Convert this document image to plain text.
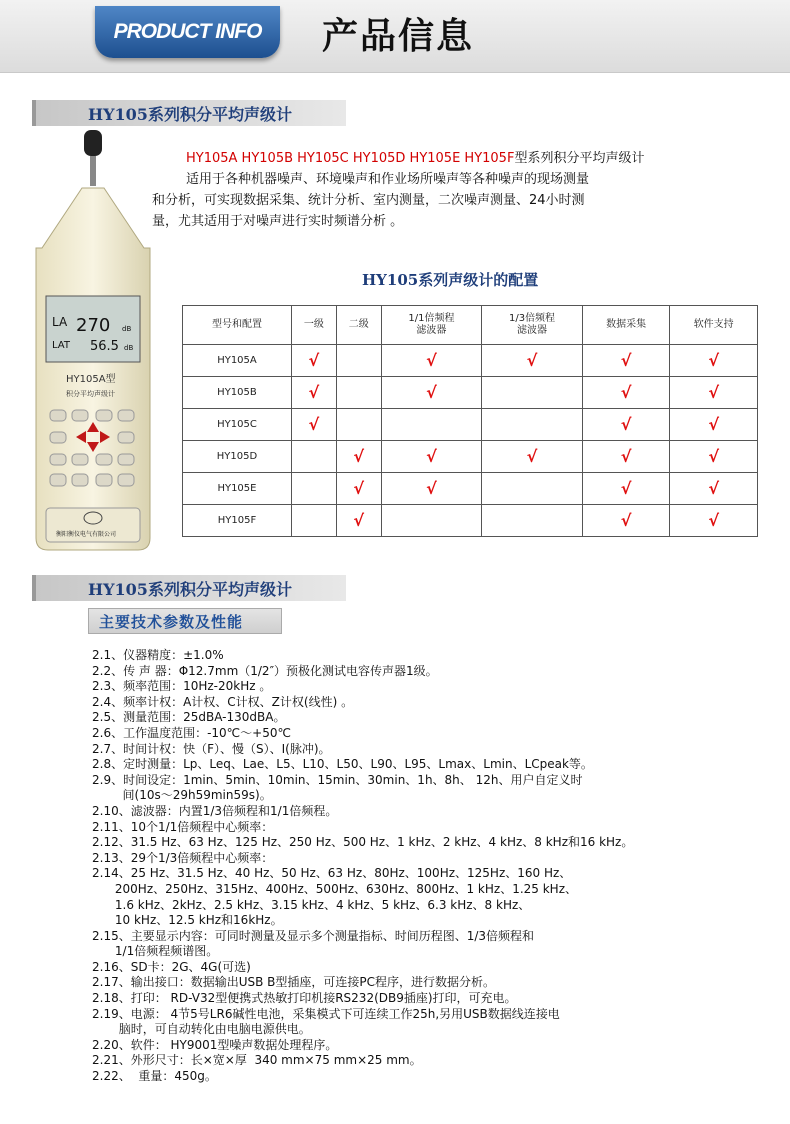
PRODUCT INFO	产品信息
HY105系列积分平均声级计
LA 270 dB
LAT 56.5 dB
HY105A型
积分平均声级计
衡阳衡仪电气有限公司

HY105A HY105B HY105C HY105D HY105E HY105F型系列积分平均声级计

适用于各种机器噪声、环境噪声和作业场所噪声等各种噪声的现场测量

和分析，可实现数据采集、统计分析、室内测量，二次噪声测量、24小时测

量，尤其适用于对噪声进行实时频谱分析 。

HY105系列声级计的配置
型号和配置	一级	二级	1/1倍频程
滤波器	1/3倍频程
滤波器	数据采集	软件支持
HY105A	√		√	√	√	√
HY105B	√		√		√	√
HY105C	√				√	√
HY105D		√	√	√	√	√
HY105E		√	√		√	√
HY105F		√			√	√
HY105系列积分平均声级计
主要技术参数及性能
2.1、仪器精度：±1.0%
2.2、传 声 器：Φ12.7mm（1/2″）预极化测试电容传声器1级。
2.3、频率范围：10Hz-20kHz 。
2.4、频率计权：A计权、C计权、Z计权(线性) 。
2.5、测量范围：25dBA-130dBA。
2.6、工作温度范围：-10℃～+50℃
2.7、时间计权：快（F）、慢（S）、I(脉冲)。
2.8、定时测量：Lp、Leq、Lae、L5、L10、L50、L90、L95、Lmax、Lmin、LCpeak等。
2.9、时间设定：1min、5min、10min、15min、30min、1h、8h、 12h、用户自定义时
间(10s～29h59min59s)。
2.10、滤波器：内置1/3倍频程和1/1倍频程。
2.11、10个1/1倍频程中心频率：
2.12、31.5 Hz、63 Hz、125 Hz、250 Hz、500 Hz、1 kHz、2 kHz、4 kHz、8 kHz和16 kHz。
2.13、29个1/3倍频程中心频率：
2.14、25 Hz、31.5 Hz、40 Hz、50 Hz、63 Hz、80Hz、100Hz、125Hz、160 Hz、
200Hz、250Hz、315Hz、400Hz、500Hz、630Hz、800Hz、1 kHz、1.25 kHz、
1.6 kHz、2kHz、2.5 kHz、3.15 kHz、4 kHz、5 kHz、6.3 kHz、8 kHz、
10 kHz、12.5 kHz和16kHz。
2.15、主要显示内容：可同时测量及显示多个测量指标、时间历程图、1/3倍频程和
1/1倍频程频谱图。
2.16、SD卡：2G、4G(可选)
2.17、输出接口：数据输出USB B型插座，可连接PC程序，进行数据分析。
2.18、打印： RD-V32型便携式热敏打印机接RS232(DB9插座)打印，可充电。
2.19、电源： 4节5号LR6碱性电池，采集模式下可连续工作25h,另用USB数据线连接电
脑时，可自动转化由电脑电源供电。
2.20、软件： HY9001型噪声数据处理程序。
2.21、外形尺寸：长×宽×厚  340 mm×75 mm×25 mm。
2.22、  重量：450g。
